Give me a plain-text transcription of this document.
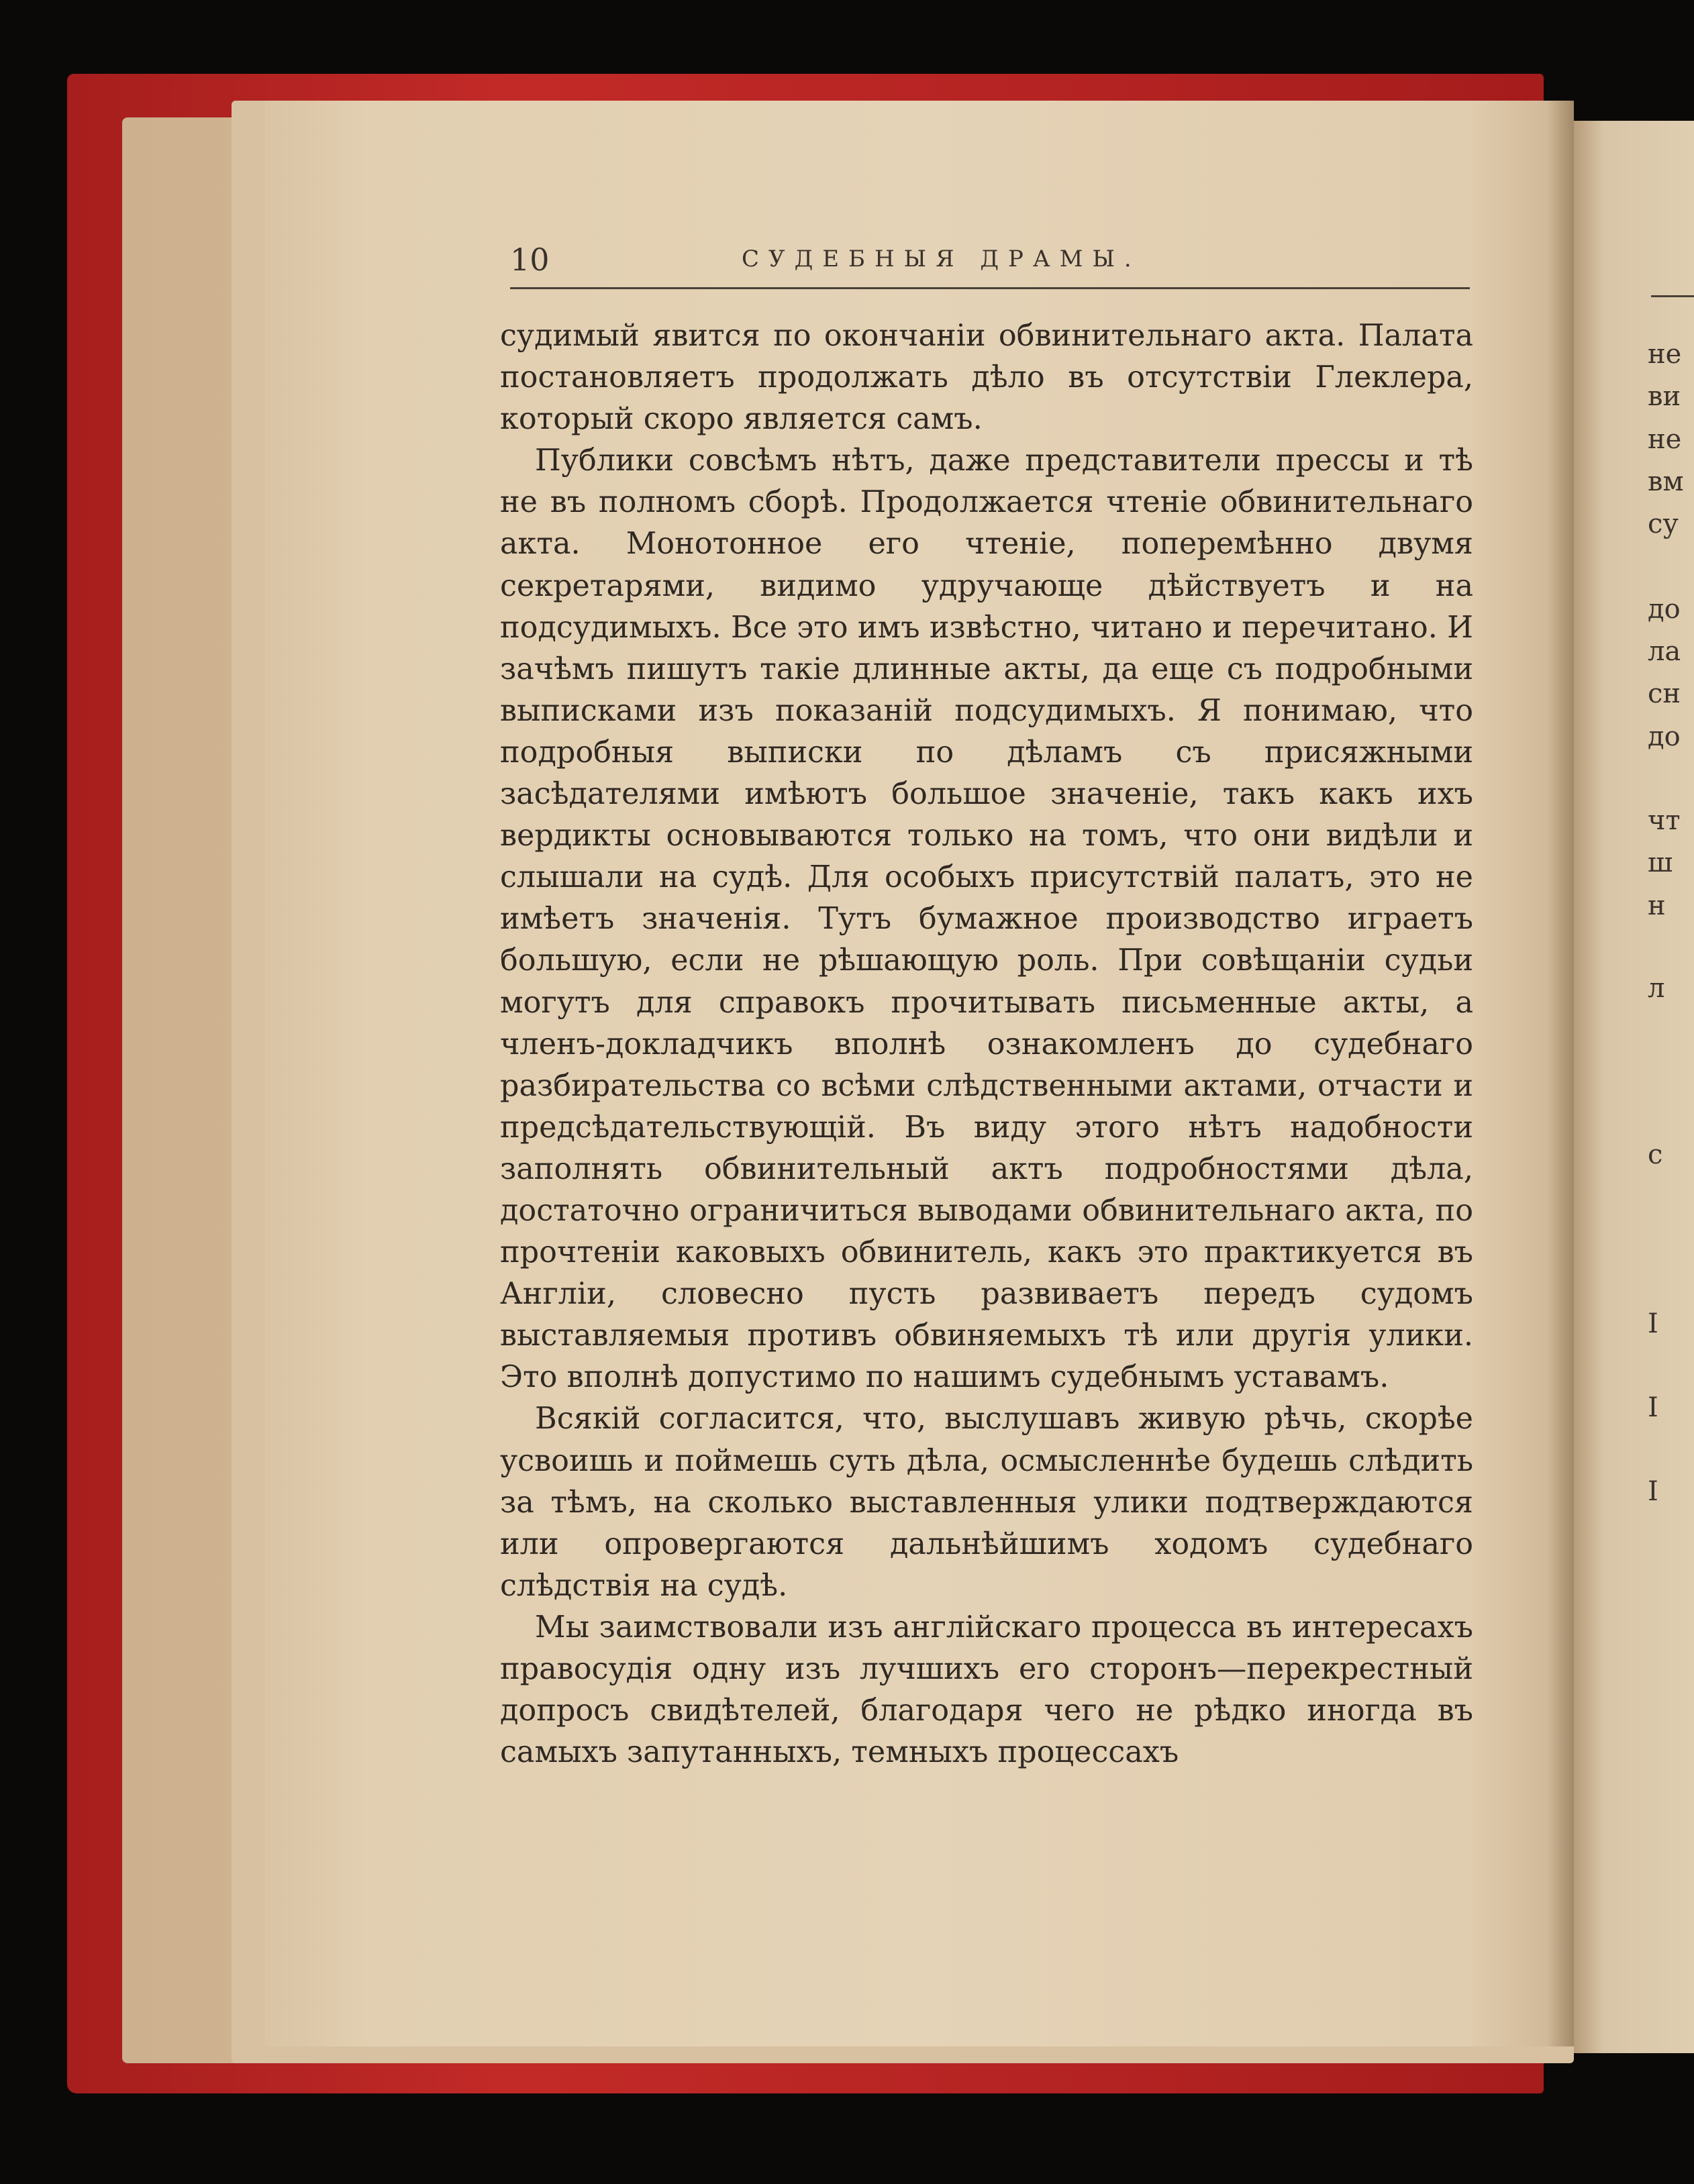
не
ви
не
вм
су
до
ла
сн
до
чт
ш
н
л
с
I
I
I
10	СУДЕБНЫЯ ДРАМЫ.

судимый явится по окончанiи обвинительнаго акта. Палата постановляетъ продолжать дѣло въ отсутствiи Глеклера, который скоро является самъ.

Публики совсѣмъ нѣтъ, даже представители прессы и тѣ не въ полномъ сборѣ. Продолжается чтенiе обвинительнаго акта. Монотонное его чтенiе, поперемѣнно двумя секретарями, видимо удручающе дѣйствуетъ и на подсудимыхъ. Все это имъ извѣстно, читано и перечитано. И зачѣмъ пишутъ такiе длинные акты, да еще съ подробными выписками изъ показанiй подсудимыхъ. Я понимаю, что подробныя выписки по дѣламъ съ присяжными засѣдателями имѣютъ большое значенiе, такъ какъ ихъ вердикты основываются только на томъ, что они видѣли и слышали на судѣ. Для особыхъ присутствiй палатъ, это не имѣетъ значенiя. Тутъ бумажное производство играетъ большую, если не рѣшающую роль. При совѣщанiи судьи могутъ для справокъ прочитывать письменные акты, а членъ-докладчикъ вполнѣ ознакомленъ до судебнаго разбирательства со всѣми слѣдственными актами, отчасти и предсѣдательствующiй. Въ виду этого нѣтъ надобности заполнять обвинительный актъ подробностями дѣла, достаточно ограничиться выводами обвинительнаго акта, по прочтенiи каковыхъ обвинитель, какъ это практикуется въ Англiи, словесно пусть развиваетъ передъ судомъ выставляемыя противъ обвиняемыхъ тѣ или другiя улики. Это вполнѣ допустимо по нашимъ судебнымъ уставамъ.

Всякiй согласится, что, выслушавъ живую рѣчь, скорѣе усвоишь и поймешь суть дѣла, осмысленнѣе будешь слѣдить за тѣмъ, на сколько выставленныя улики подтверждаются или опровергаются дальнѣйшимъ ходомъ судебнаго слѣдствiя на судѣ.

Мы заимствовали изъ англiйскаго процесса въ интересахъ правосудiя одну изъ лучшихъ его сторонъ—перекрестный допросъ свидѣтелей, благодаря чего не рѣдко иногда въ самыхъ запутанныхъ, темныхъ процессахъ
